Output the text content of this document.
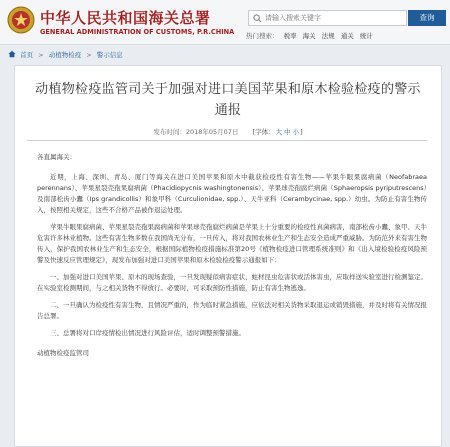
中华人民共和国海关总署
GENERAL ADMINISTRATION OF CUSTOMS, P.R.CHINA
请输入搜索关键字
查询
热门搜索： 税率 海关 法规 通关 统计
首页 > 动植物检疫 > 警示信息
动植物检疫监管司关于加强对进口美国苹果和原木检验检疫的警示通报
发布时间：2018年05月07日 [字体：大 中 小]

各直属海关：

近期，上海、深圳、青岛、厦门等海关在进口美国苹果和原木中截获检疫性有害生物——苹果牛眼果腐病菌（Neofabraea perennans）、苹果星裂壳孢果腐病菌（Phacidiopycnis washingtonensis）、苹果球壳孢腐烂病菌（Sphaeropsis pyriputrescens）及南部松齿小蠹（Ips grandicollis）和象甲科（Curculionidae, spp.）、天牛亚科（Cerambycinae, spp.）幼虫。为防止有害生物传入，按照相关规定，这些不合格产品被作退运处理。

苹果牛眼果腐病菌、苹果星裂壳孢果腐病菌和苹果球壳孢腐烂病菌是苹果上十分重要的检疫性真菌病害，南部松齿小蠹、象甲、天牛危害许多林业植物。这些有害生物多数在我国尚无分布，一旦传入，将对我国农林业生产和生态安全造成严重威胁。为防范外来有害生物传入，保护我国农林业生产和生态安全，根据国际植物检疫措施标准第20号《植物检疫进口管理系统准则》和《出入境检验检疫风险预警及快速反应管理规定》，现发布加强对进口美国苹果和原木检验检疫警示通报如下：

一、加强对进口美国苹果、原木的现场查验，一旦发现疑似病害症状、蛀材昆虫危害状或活体害虫，应取样送实验室进行检测鉴定。在实验室检测期间，与之相关货物不得放行。必要时，可采取预防性措施，防止有害生物逃逸。

二、一旦确认为检疫性有害生物，且情况严重的，作为临时紧急措施，应依法对相关货物采取退运或销毁措施，并及时将有关情况报告总署。

三、总署将对口岸疫情检出情况进行风险评估，适时调整预警措施。

动植物检疫监管司
